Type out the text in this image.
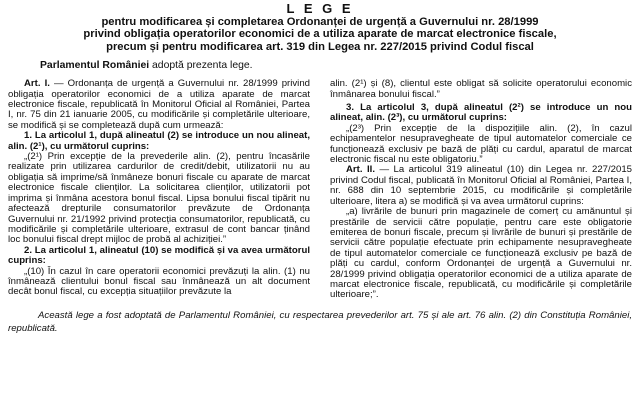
L E G E
pentru modificarea și completarea Ordonanței de urgență a Guvernului nr. 28/1999
privind obligația operatorilor economici de a utiliza aparate de marcat electronice fiscale,
precum și pentru modificarea art. 319 din Legea nr. 227/2015 privind Codul fiscal
Parlamentul României adoptă prezenta lege.

Art. I. — Ordonanța de urgență a Guvernului nr. 28/1999 privind obligația operatorilor economici de a utiliza aparate de marcat electronice fiscale, republicată în Monitorul Oficial al României, Partea I, nr. 75 din 21 ianuarie 2005, cu modificările și completările ulterioare, se modifică și se completează după cum urmează:

1. La articolul 1, după alineatul (2) se introduce un nou alineat, alin. (2¹), cu următorul cuprins:

„(2¹) Prin excepție de la prevederile alin. (2), pentru încasările realizate prin utilizarea cardurilor de credit/debit, utilizatorii nu au obligația să imprime/să înmâneze bonuri fiscale cu aparate de marcat electronice fiscale clienților. La solicitarea clienților, utilizatorii pot imprima și înmâna acestora bonul fiscal. Lipsa bonului fiscal tipărit nu afectează drepturile consumatorilor prevăzute de Ordonanța Guvernului nr. 21/1992 privind protecția consumatorilor, republicată, cu modificările și completările ulterioare, extrasul de cont bancar ținând loc bonului fiscal drept mijloc de probă al achiziției.”

2. La articolul 1, alineatul (10) se modifică și va avea următorul cuprins:

„(10) În cazul în care operatorii economici prevăzuți la alin. (1) nu înmânează clientului bonul fiscal sau înmânează un alt document decât bonul fiscal, cu excepția situațiilor prevăzute la

alin. (2¹) și (8), clientul este obligat să solicite operatorului economic înmânarea bonului fiscal.”

3. La articolul 3, după alineatul (2²) se introduce un nou alineat, alin. (2³), cu următorul cuprins:

„(2³) Prin excepție de la dispozițiile alin. (2), în cazul echipamentelor nesupravegheate de tipul automatelor comerciale ce funcționează exclusiv pe bază de plăți cu cardul, aparatul de marcat electronic fiscal nu este obligatoriu.”

Art. II. — La articolul 319 alineatul (10) din Legea nr. 227/2015 privind Codul fiscal, publicată în Monitorul Oficial al României, Partea I, nr. 688 din 10 septembrie 2015, cu modificările și completările ulterioare, litera a) se modifică și va avea următorul cuprins:

„a) livrările de bunuri prin magazinele de comerț cu amănuntul și prestările de servicii către populație, pentru care este obligatorie emiterea de bonuri fiscale, precum și livrările de bunuri și prestările de servicii către populație efectuate prin echipamente nesupravegheate de tipul automatelor comerciale ce funcționează exclusiv pe bază de plăți cu cardul, conform Ordonanței de urgență a Guvernului nr. 28/1999 privind obligația operatorilor economici de a utiliza aparate de marcat electronice fiscale, republicată, cu modificările și completările ulterioare;”.

Această lege a fost adoptată de Parlamentul României, cu respectarea prevederilor art. 75 și ale art. 76 alin. (2) din Constituția României, republicată.
